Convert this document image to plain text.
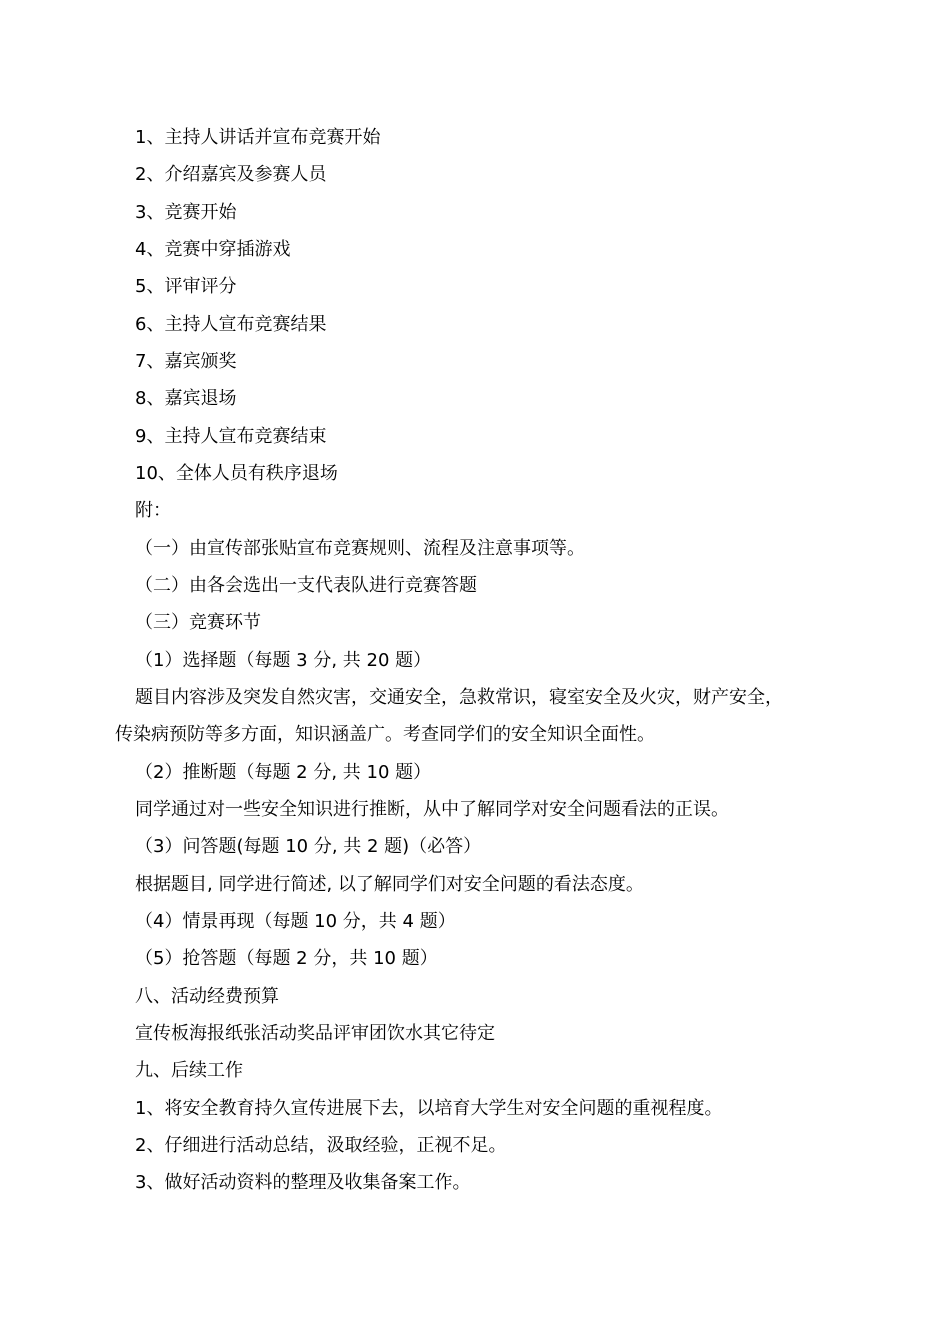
1、主持人讲话并宣布竞赛开始
2、介绍嘉宾及参赛人员
3、竞赛开始
4、竞赛中穿插游戏
5、评审评分
6、主持人宣布竞赛结果
7、嘉宾颁奖
8、嘉宾退场
9、主持人宣布竞赛结束
10、全体人员有秩序退场
附：
（一）由宣传部张贴宣布竞赛规则、流程及注意事项等。
（二）由各会选出一支代表队进行竞赛答题
（三）竞赛环节
（1）选择题（每题 3 分, 共 20 题）
题目内容涉及突发自然灾害，交通安全，急救常识，寝室安全及火灾，财产安全，
传染病预防等多方面，知识涵盖广。考查同学们的安全知识全面性。
（2）推断题（每题 2 分, 共 10 题）
同学通过对一些安全知识进行推断，从中了解同学对安全问题看法的正误。
（3）问答题(每题 10 分, 共 2 题)（必答）
根据题目, 同学进行简述, 以了解同学们对安全问题的看法态度。
（4）情景再现（每题 10 分，共 4 题）
（5）抢答题（每题 2 分，共 10 题）
八、活动经费预算
宣传板海报纸张活动奖品评审团饮水其它待定
九、后续工作
1、将安全教育持久宣传进展下去，以培育大学生对安全问题的重视程度。
2、仔细进行活动总结，汲取经验，正视不足。
3、做好活动资料的整理及收集备案工作。
